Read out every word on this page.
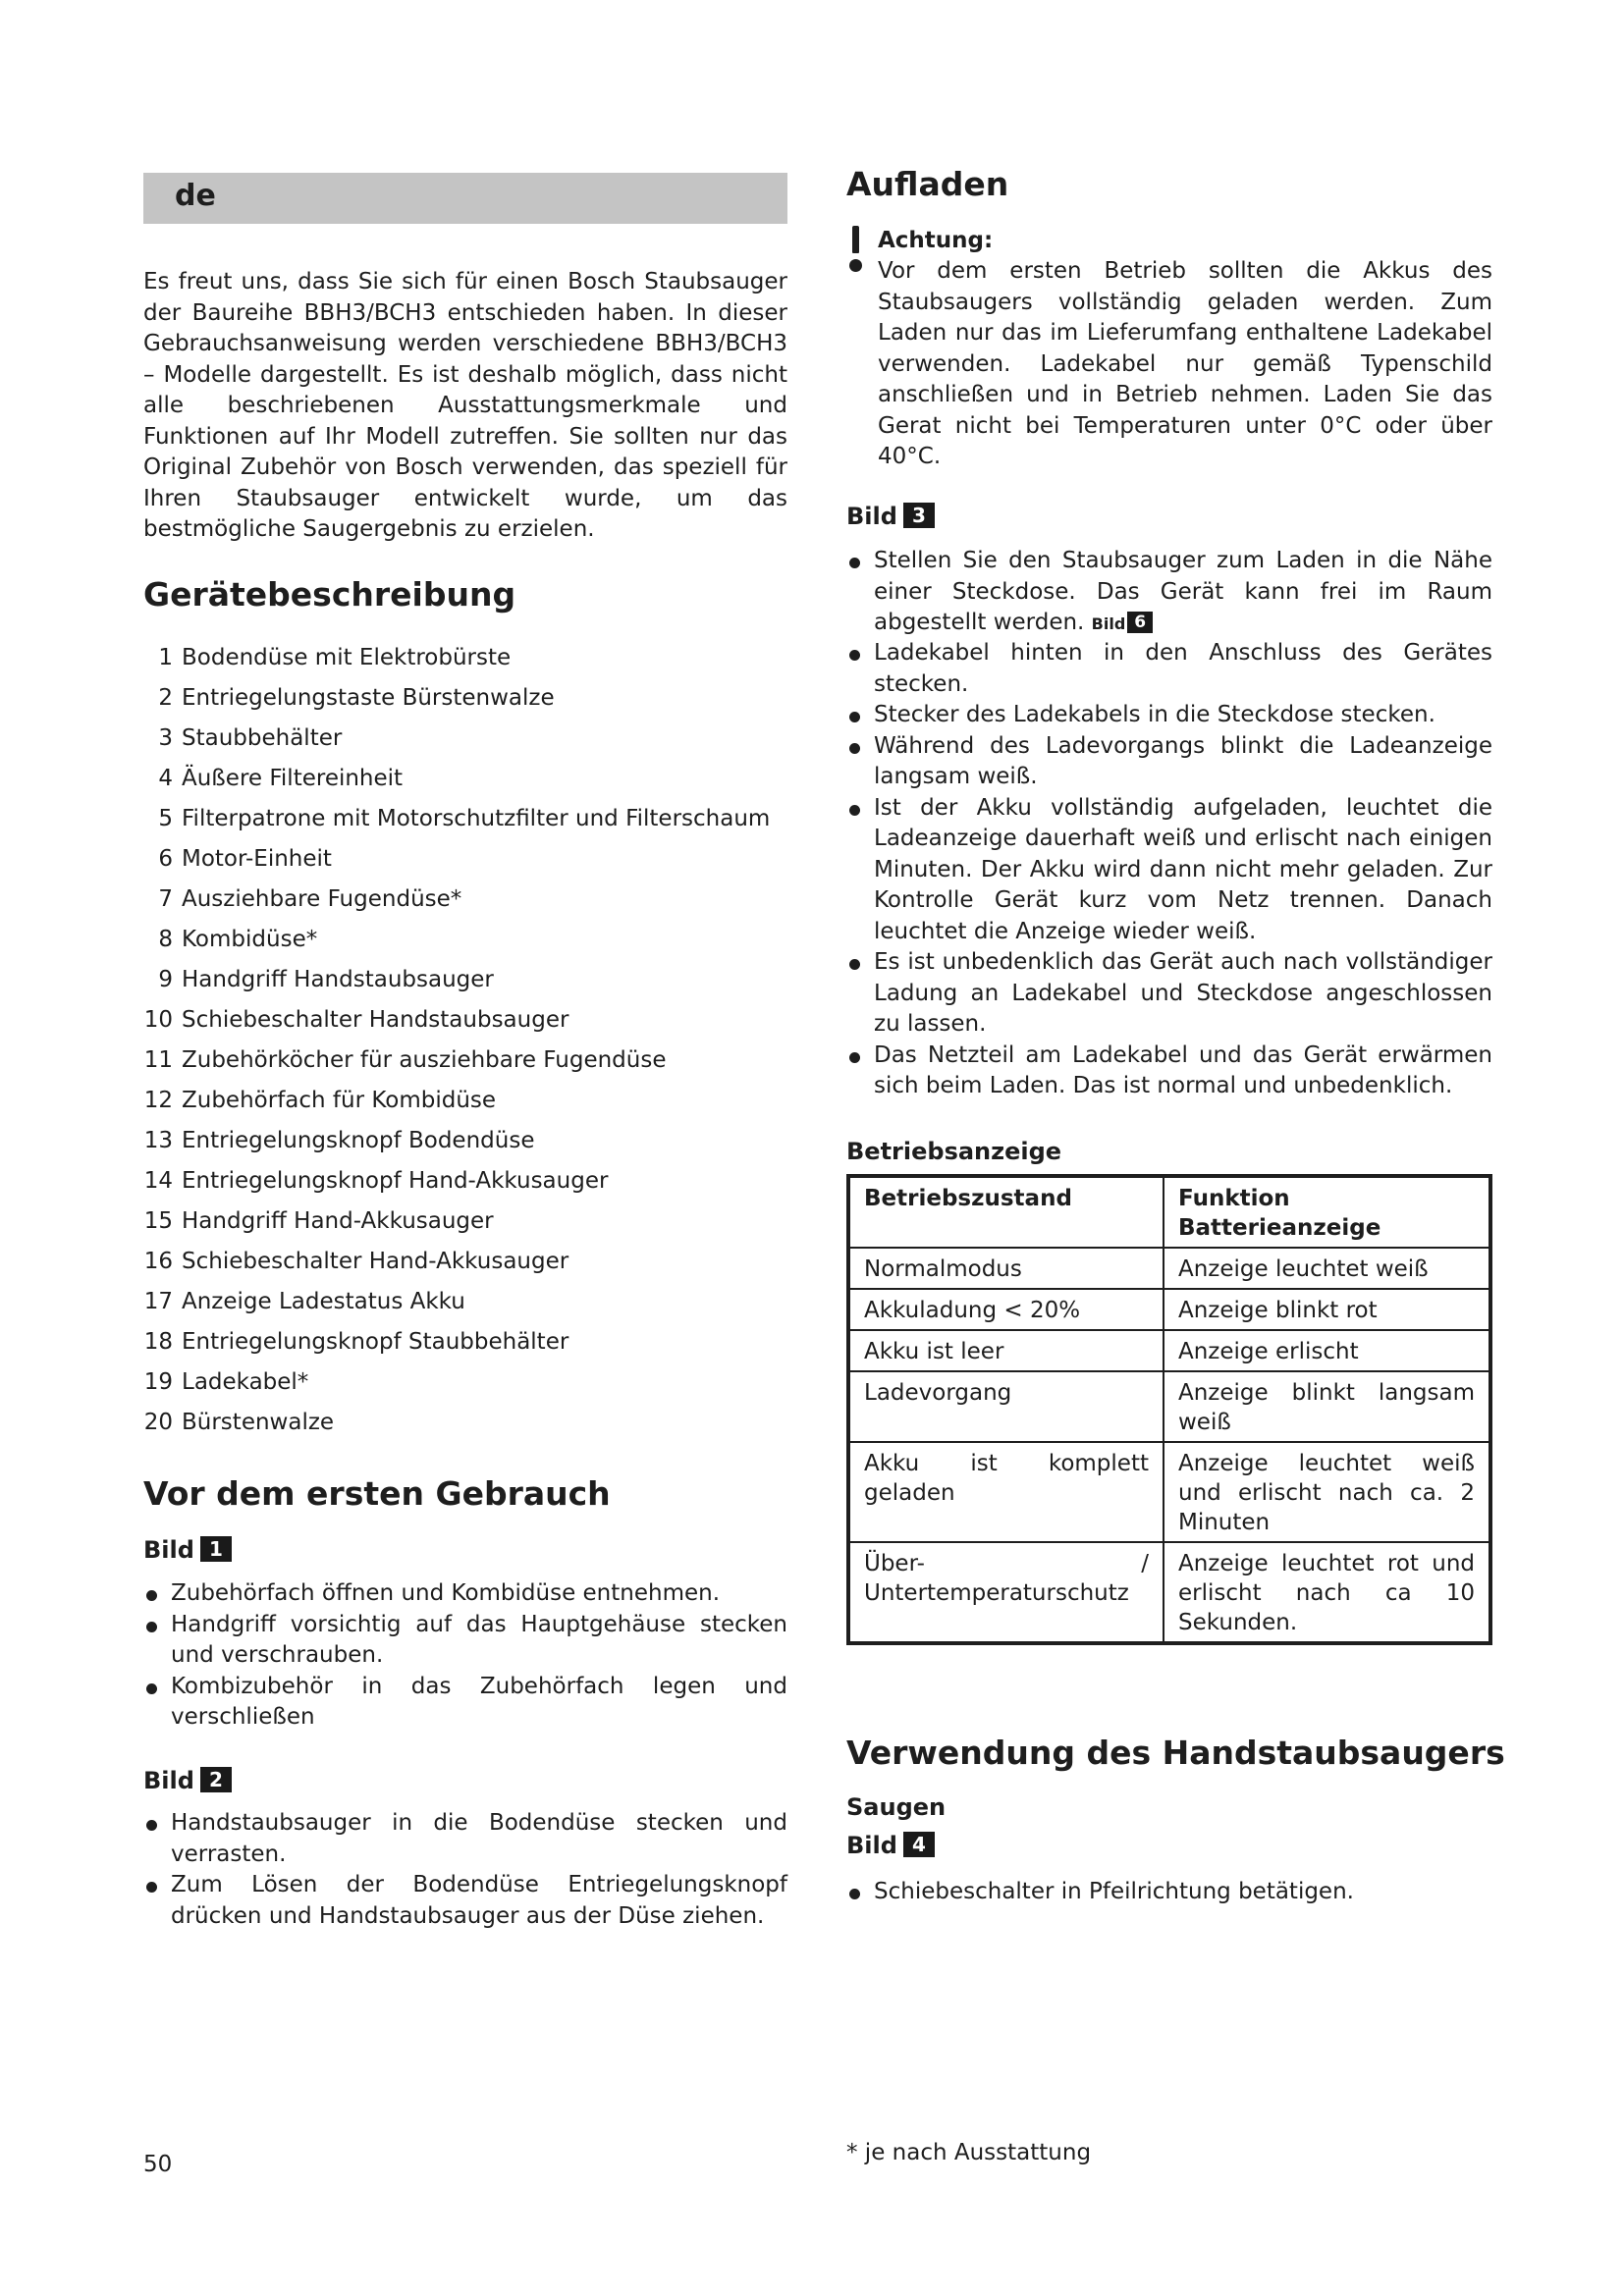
de

Es freut uns, dass Sie sich für einen Bosch Staubsauger der Baureihe BBH3/BCH3 entschieden haben. In dieser Gebrauchsanweisung werden verschiedene BBH3/BCH3 – Modelle dargestellt. Es ist deshalb möglich, dass nicht alle beschriebenen Ausstattungsmerkmale und Funktionen auf Ihr Modell zutreffen. Sie sollten nur das Original Zubehör von Bosch verwenden, das speziell für Ihren Staubsauger entwickelt wurde, um das bestmögliche Saugergebnis zu erzielen.

Gerätebeschreibung
1 Bodendüse mit Elektrobürste
2 Entriegelungstaste Bürstenwalze
3 Staubbehälter
4 Äußere Filtereinheit
5 Filterpatrone mit Motorschutzfilter und Filterschaum
6 Motor-Einheit
7 Ausziehbare Fugendüse*
8 Kombidüse*
9 Handgriff Handstaubsauger
10 Schiebeschalter Handstaubsauger
11 Zubehörköcher für ausziehbare Fugendüse
12 Zubehörfach für Kombidüse
13 Entriegelungsknopf Bodendüse
14 Entriegelungsknopf Hand-Akkusauger
15 Handgriff Hand-Akkusauger
16 Schiebeschalter Hand-Akkusauger
17 Anzeige Ladestatus Akku
18 Entriegelungsknopf Staubbehälter
19 Ladekabel*
20 Bürstenwalze
Vor dem ersten Gebrauch
Bild 1
Zubehörfach öffnen und Kombidüse entnehmen.
Handgriff vorsichtig auf das Hauptgehäuse stecken und verschrauben.
Kombizubehör in das Zubehörfach legen und verschließen
Bild 2
Handstaubsauger in die Bodendüse stecken und verrasten.
Zum Lösen der Bodendüse Entriegelungsknopf drücken und Handstaubsauger aus der Düse ziehen.
50
Aufladen
Achtung:

Vor dem ersten Betrieb sollten die Akkus des Staubsaugers vollständig geladen werden. Zum Laden nur das im Lieferumfang enthaltene Ladekabel verwenden. Ladekabel nur gemäß Typenschild anschließen und in Betrieb nehmen. Laden Sie das Gerat nicht bei Temperaturen unter 0°C oder über 40°C.

Bild 3
Stellen Sie den Staubsauger zum Laden in die Nähe einer Steckdose. Das Gerät kann frei im Raum abgestellt werden. Bild 6
Ladekabel hinten in den Anschluss des Gerätes stecken.
Stecker des Ladekabels in die Steckdose stecken.
Während des Ladevorgangs blinkt die Ladeanzeige langsam weiß.
Ist der Akku vollständig aufgeladen, leuchtet die Ladeanzeige dauerhaft weiß und erlischt nach einigen Minuten. Der Akku wird dann nicht mehr geladen. Zur Kontrolle Gerät kurz vom Netz trennen. Danach leuchtet die Anzeige wieder weiß.
Es ist unbedenklich das Gerät auch nach vollständiger Ladung an Ladekabel und Steckdose angeschlossen zu lassen.
Das Netzteil am Ladekabel und das Gerät erwärmen sich beim Laden. Das ist normal und unbedenklich.
Betriebsanzeige
Betriebszustand	Funktion Batterieanzeige
Normalmodus	Anzeige leuchtet weiß
Akkuladung < 20%	Anzeige blinkt rot
Akku ist leer	Anzeige erlischt
Ladevorgang	Anzeige blinkt langsam weiß
Akku ist komplett geladen	Anzeige leuchtet weiß und erlischt nach ca. 2 Minuten
Über- / Untertemperaturschutz	Anzeige leuchtet rot und erlischt nach ca 10 Sekunden.
Verwendung des Handstaubsaugers
Saugen
Bild 4
Schiebeschalter in Pfeilrichtung betätigen.
* je nach Ausstattung
